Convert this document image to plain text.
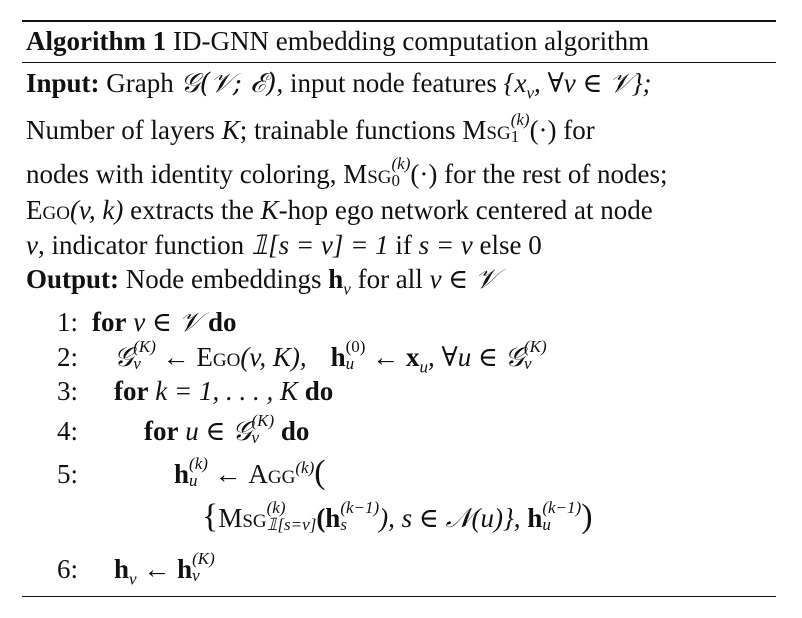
Algorithm 1 ID-GNN embedding computation algorithm
Input: Graph 𝒢(𝒱; ℰ), input node features {$x_v$, ∀v ∈ 𝒱};
Number of layers K; trainable functions Msg (k)
1 (·) for
nodes with identity coloring, Msg (k)
0 (·) for the rest of nodes;
Ego(v, k) extracts the K-hop ego network centered at node
v, indicator function 𝟙[s = v] = 1 if s = v else 0
Output: Node embeddings $h_v$ for all v ∈ 𝒱
1: for v ∈ 𝒱 do
2: 𝒢 (K)
v ← Ego(v, K), h (0)
u ← $x_u$, ∀u ∈ 𝒢 (K)
v
3: for k = 1, . . . , K do
4: for u ∈ 𝒢 (K)
v do
5:	h (k)
u ← Agg$^{(k)}$(
{Msg (k)
𝟙[s=v] (h (k−1)
s	), s ∈ 𝒩(u)}, h (k−1)
u )
6: $h_v$ ← h (K)
v
